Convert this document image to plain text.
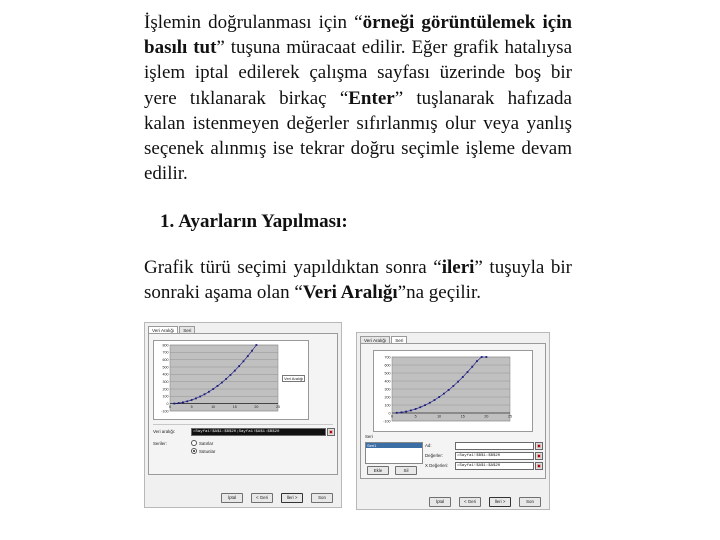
İşlemin doğrulanması için “örneği görüntülemek için basılı tut” tuşuna müracaat edilir. Eğer grafik hatalıysa işlem iptal edilerek çalışma sayfası üzerinde boş bir yere tıklanarak birkaç “Enter” tuşlanarak hafızada kalan istenmeyen değerler sıfırlanmış olur veya yanlış seçenek alınmış ise tekrar doğru seçimle işleme devam edilir.

1. Ayarların Yapılması:

Grafik türü seçimi yapıldıktan sonra “ileri” tuşuyla bir sonraki aşama olan “Veri Aralığı”na geçilir.

Veri Aralığı	Seri
800
700
600
500
400
300
200
100
0
-100
0	5	10	15	20	25
Veri Aralığı
Veri aralığı:	=Sayfa1!$A$1:$B$20;Sayfa1!$A$1:$B$20	▣
Seriler:	Satırlar
Sütunlar
İptal	< Geri	İleri >	Son
Veri Aralığı	Seri
700
600
500
400
300
200
100
0
-100
0	5	10	15	20	25
Seri
Seri1
Ekle	Sil
Ad:	▣
Değerler:	=Sayfa1!$B$1:$B$20	▣
X Değerleri:	=Sayfa1!$A$1:$A$20	▣
İptal	< Geri	İleri >	Son
